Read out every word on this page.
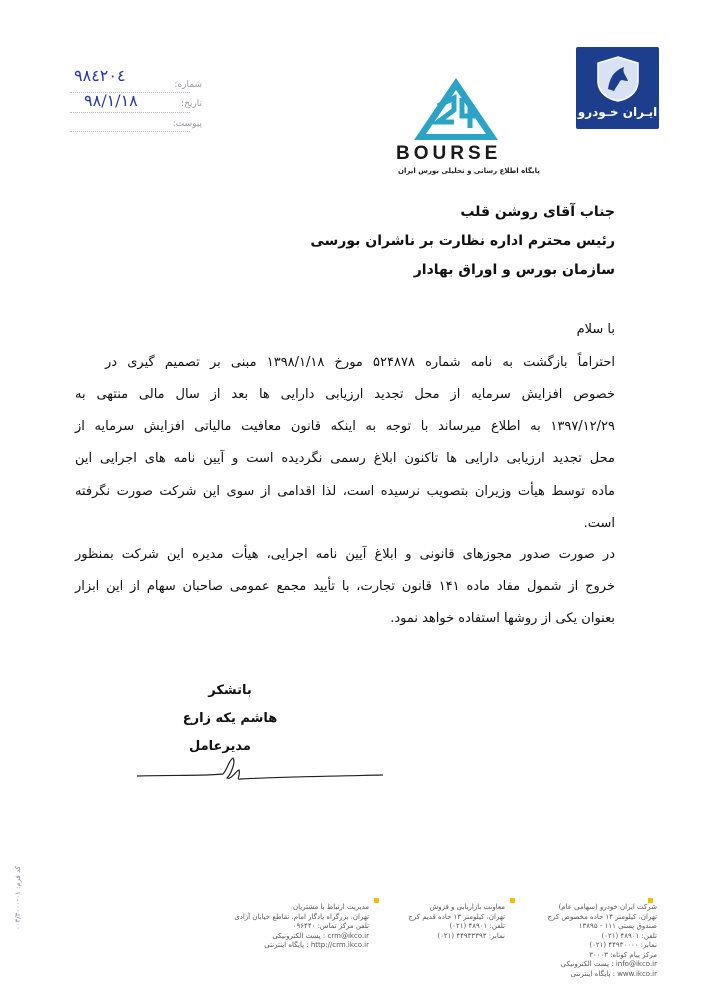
شماره:
تاریخ:
پیوست:
۹۸٤٢٠٤
۹۸/۱/۱۸
BOURSE
پایگاه اطلاع رسانی و تحلیلی بورس ایران
ایـران خـودرو
جناب آقای روشن قلب
رئیس محترم اداره نظارت بر ناشران بورسی
سازمان بورس و اوراق بهادار
با سلام
احتراماً بازگشت به نامه شماره ۵۲۴۸۷۸ مورخ ۱۳۹۸/۱/۱۸ مبنی بر تصمیم گیری در
خصوص افزایش سرمایه از محل تجدید ارزیابی دارایی ها بعد از سال مالی منتهی به
۱۳۹۷/۱۲/۲۹ به اطلاع میرساند با توجه به اینکه قانون معافیت مالیاتی افزایش سرمایه از
محل تجدید ارزیابی دارایی ها تاکنون ابلاغ رسمی نگردیده است و آیین نامه های اجرایی این
ماده توسط هیأت وزیران بتصویب نرسیده است، لذا اقدامی از سوی این شرکت صورت نگرفته
است.
در صورت صدور مجوزهای قانونی و ابلاغ آیین نامه اجرایی، هیأت مدیره این شرکت بمنظور
خروج از شمول مفاد ماده ۱۴۱ قانون تجارت، با تأیید مجمع عمومی صاحبان سهام از این ابزار
بعنوان یکی از روشها استفاده خواهد نمود.
باتشکر
هاشم یکه زارع
مدیرعامل
شرکت ایران خودرو (سهامی عام)
تهران، کیلومتر ۱۴ جاده مخصوص کرج
صندوق پستی ۱۱۱ - ۱۳۸۹۵
تلفن: ۴۸۹۰۱ (۰۲۱)
نمابر: ۴۴۹۳۰۰۰۰ (۰۲۱)
مرکز پیام کوتاه: ۳۰۰۰۳
info@ikco.ir : پست الکترونیکی
www.ikco.ir : پایگاه اینترنتی
معاونت بازاریابی و فروش
تهران، کیلومتر ۱۳ جاده قدیم کرج
تلفن: ۴۸۹۰۱ (۰۲۱)
نمابر: ۴۴۹۳۳۳۹۳ (۰۲۱)
مدیریت ارتباط با مشتریان
تهران، بزرگراه یادگار امام، تقاطع خیابان آزادی
تلفن مرکز تماس: ۰۹۶۴۴۰
crm@ikco.ir : پست الکترونیکی
http://crm.ikco.ir : پایگاه اینترنتی
کد فرم: ۰۱-۰۰۳/۳۰۰۰
